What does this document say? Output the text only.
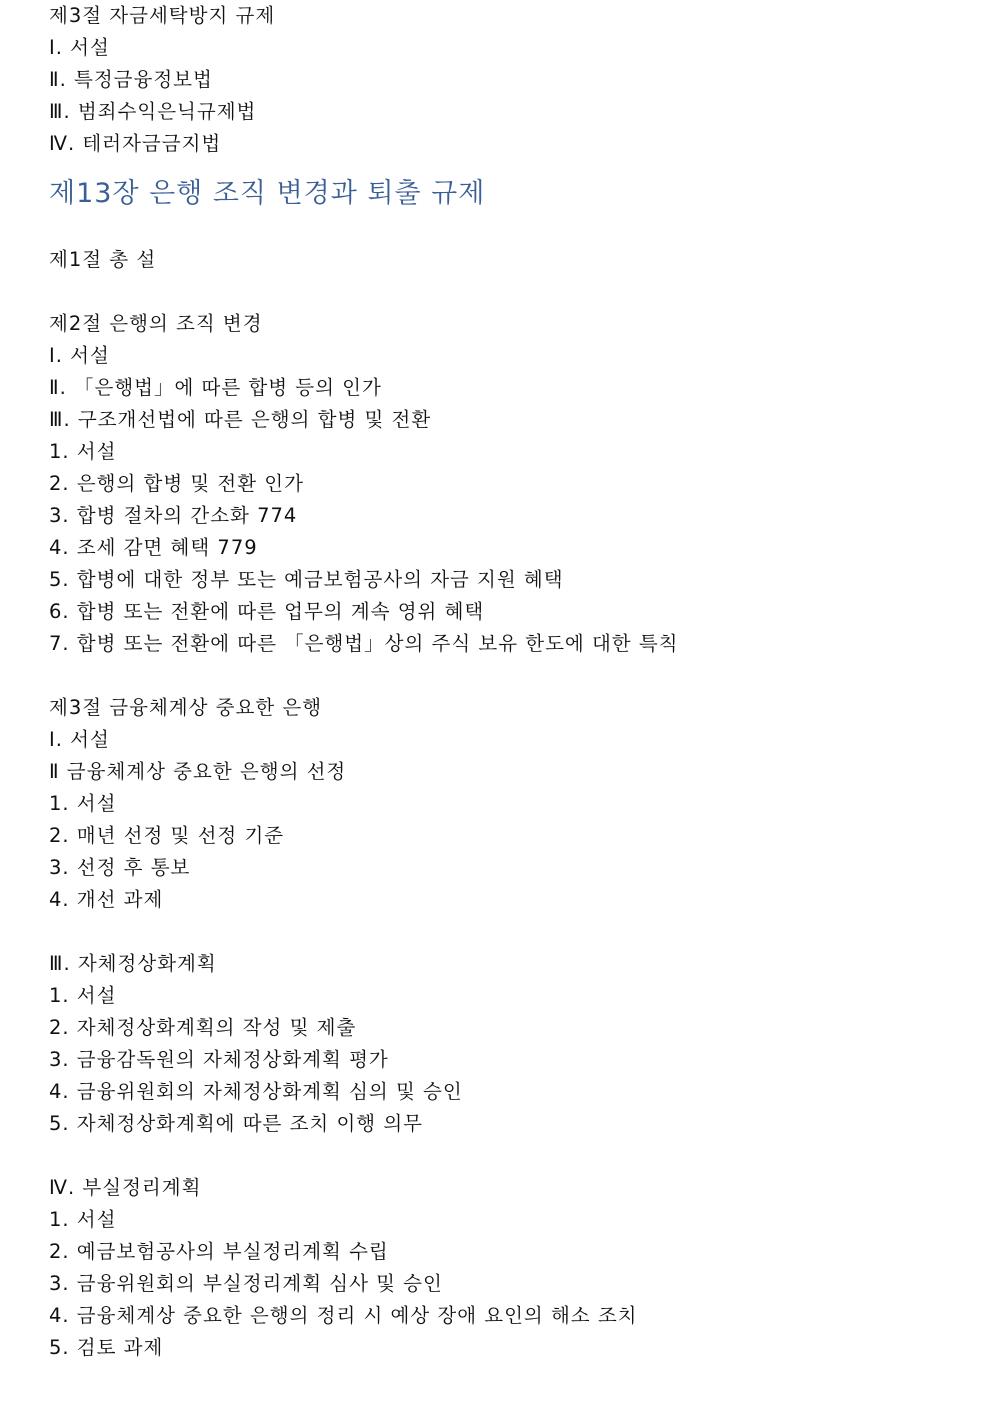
제3절 자금세탁방지 규제
Ⅰ. 서설
Ⅱ. 특정금융정보법
Ⅲ. 범죄수익은닉규제법
Ⅳ. 테러자금금지법
제13장 은행 조직 변경과 퇴출 규제
제1절 총 설
제2절 은행의 조직 변경
Ⅰ. 서설
Ⅱ. 「은행법」에 따른 합병 등의 인가
Ⅲ. 구조개선법에 따른 은행의 합병 및 전환
1. 서설
2. 은행의 합병 및 전환 인가
3. 합병 절차의 간소화 774
4. 조세 감면 혜택 779
5. 합병에 대한 정부 또는 예금보험공사의 자금 지원 혜택
6. 합병 또는 전환에 따른 업무의 계속 영위 혜택
7. 합병 또는 전환에 따른 「은행법」상의 주식 보유 한도에 대한 특칙
제3절 금융체계상 중요한 은행
Ⅰ. 서설
Ⅱ 금융체계상 중요한 은행의 선정
1. 서설
2. 매년 선정 및 선정 기준
3. 선정 후 통보
4. 개선 과제
Ⅲ. 자체정상화계획
1. 서설
2. 자체정상화계획의 작성 및 제출
3. 금융감독원의 자체정상화계획 평가
4. 금융위원회의 자체정상화계획 심의 및 승인
5. 자체정상화계획에 따른 조치 이행 의무
Ⅳ. 부실정리계획
1. 서설
2. 예금보험공사의 부실정리계획 수립
3. 금융위원회의 부실정리계획 심사 및 승인
4. 금융체계상 중요한 은행의 정리 시 예상 장애 요인의 해소 조치
5. 검토 과제
